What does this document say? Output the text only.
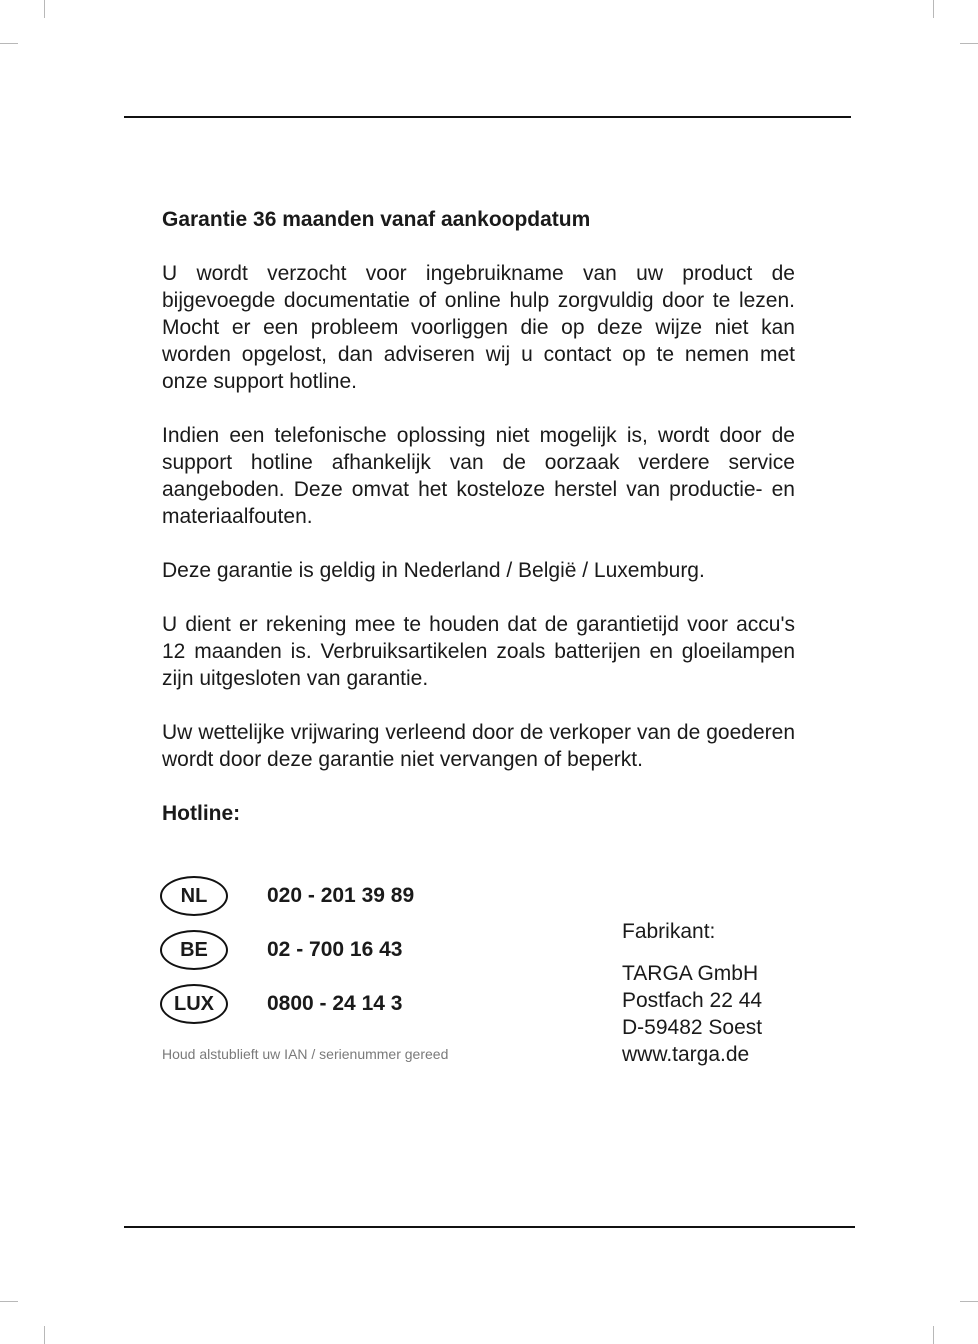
Garantie 36 maanden vanaf aankoopdatum

U wordt verzocht voor ingebruikname van uw product de bijgevoegde documentatie of online hulp zorgvuldig door te lezen. Mocht er een probleem voorliggen die op deze wijze niet kan worden opgelost, dan adviseren wij u contact op te nemen met onze support hotline.

Indien een telefonische oplossing niet mogelijk is, wordt door de support hotline afhankelijk van de oorzaak verdere service aangeboden. Deze omvat het kosteloze herstel van productie- en materiaalfouten.

Deze garantie is geldig in Nederland / België / Luxemburg.

U dient er rekening mee te houden dat de garantietijd voor accu's 12 maanden is. Verbruiksartikelen zoals batterijen en gloeilampen zijn uitgesloten van garantie.

Uw wettelijke vrijwaring verleend door de verkoper van de goederen wordt door deze garantie niet vervangen of beperkt.

Hotline:
NL	020 - 201 39 89
BE	02 - 700 16 43
LUX	0800 - 24 14 3
Houd alstublieft uw IAN / serienummer gereed
Fabrikant:
TARGA GmbH
Postfach 22 44
D-59482 Soest
www.targa.de
